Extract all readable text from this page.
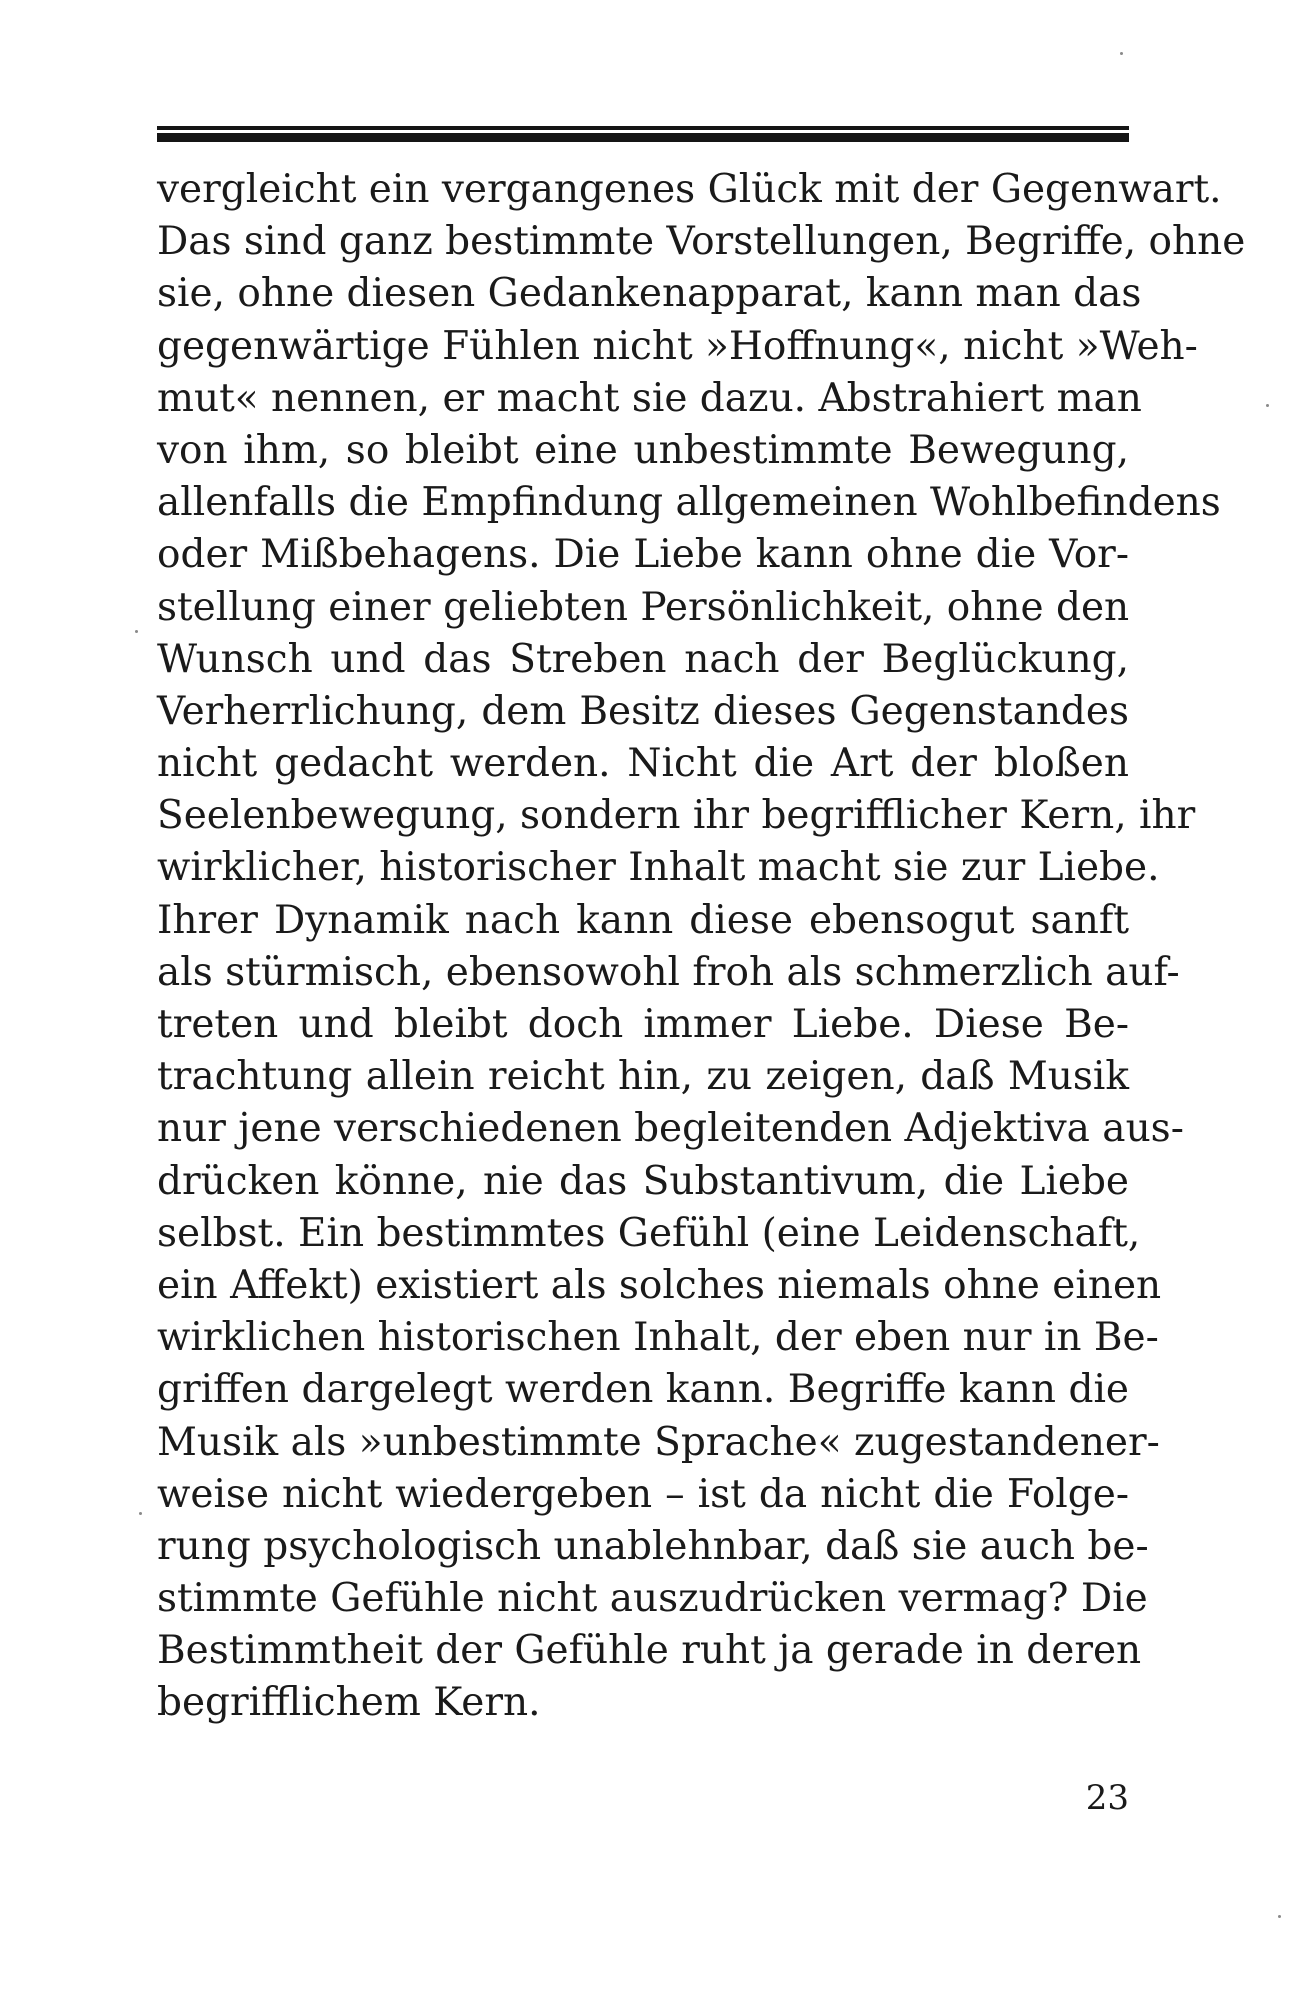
vergleicht ein vergangenes Glück mit der Gegenwart.
Das sind ganz bestimmte Vorstellungen, Begriffe, ohne
sie, ohne diesen Gedankenapparat, kann man das
gegenwärtige Fühlen nicht »Hoffnung«, nicht »Weh-
mut« nennen, er macht sie dazu. Abstrahiert man
von ihm, so bleibt eine unbestimmte Bewegung,
allenfalls die Empfindung allgemeinen Wohlbefindens
oder Mißbehagens. Die Liebe kann ohne die Vor-
stellung einer geliebten Persönlichkeit, ohne den
Wunsch und das Streben nach der Beglückung,
Verherrlichung, dem Besitz dieses Gegenstandes
nicht gedacht werden. Nicht die Art der bloßen
Seelenbewegung, sondern ihr begrifflicher Kern, ihr
wirklicher, historischer Inhalt macht sie zur Liebe.
Ihrer Dynamik nach kann diese ebensogut sanft
als stürmisch, ebensowohl froh als schmerzlich auf-
treten und bleibt doch immer Liebe. Diese Be-
trachtung allein reicht hin, zu zeigen, daß Musik
nur jene verschiedenen begleitenden Adjektiva aus-
drücken könne, nie das Substantivum, die Liebe
selbst. Ein bestimmtes Gefühl (eine Leidenschaft,
ein Affekt) existiert als solches niemals ohne einen
wirklichen historischen Inhalt, der eben nur in Be-
griffen dargelegt werden kann. Begriffe kann die
Musik als »unbestimmte Sprache« zugestandener-
weise nicht wiedergeben – ist da nicht die Folge-
rung psychologisch unablehnbar, daß sie auch be-
stimmte Gefühle nicht auszudrücken vermag? Die
Bestimmtheit der Gefühle ruht ja gerade in deren
begrifflichem Kern.
23
